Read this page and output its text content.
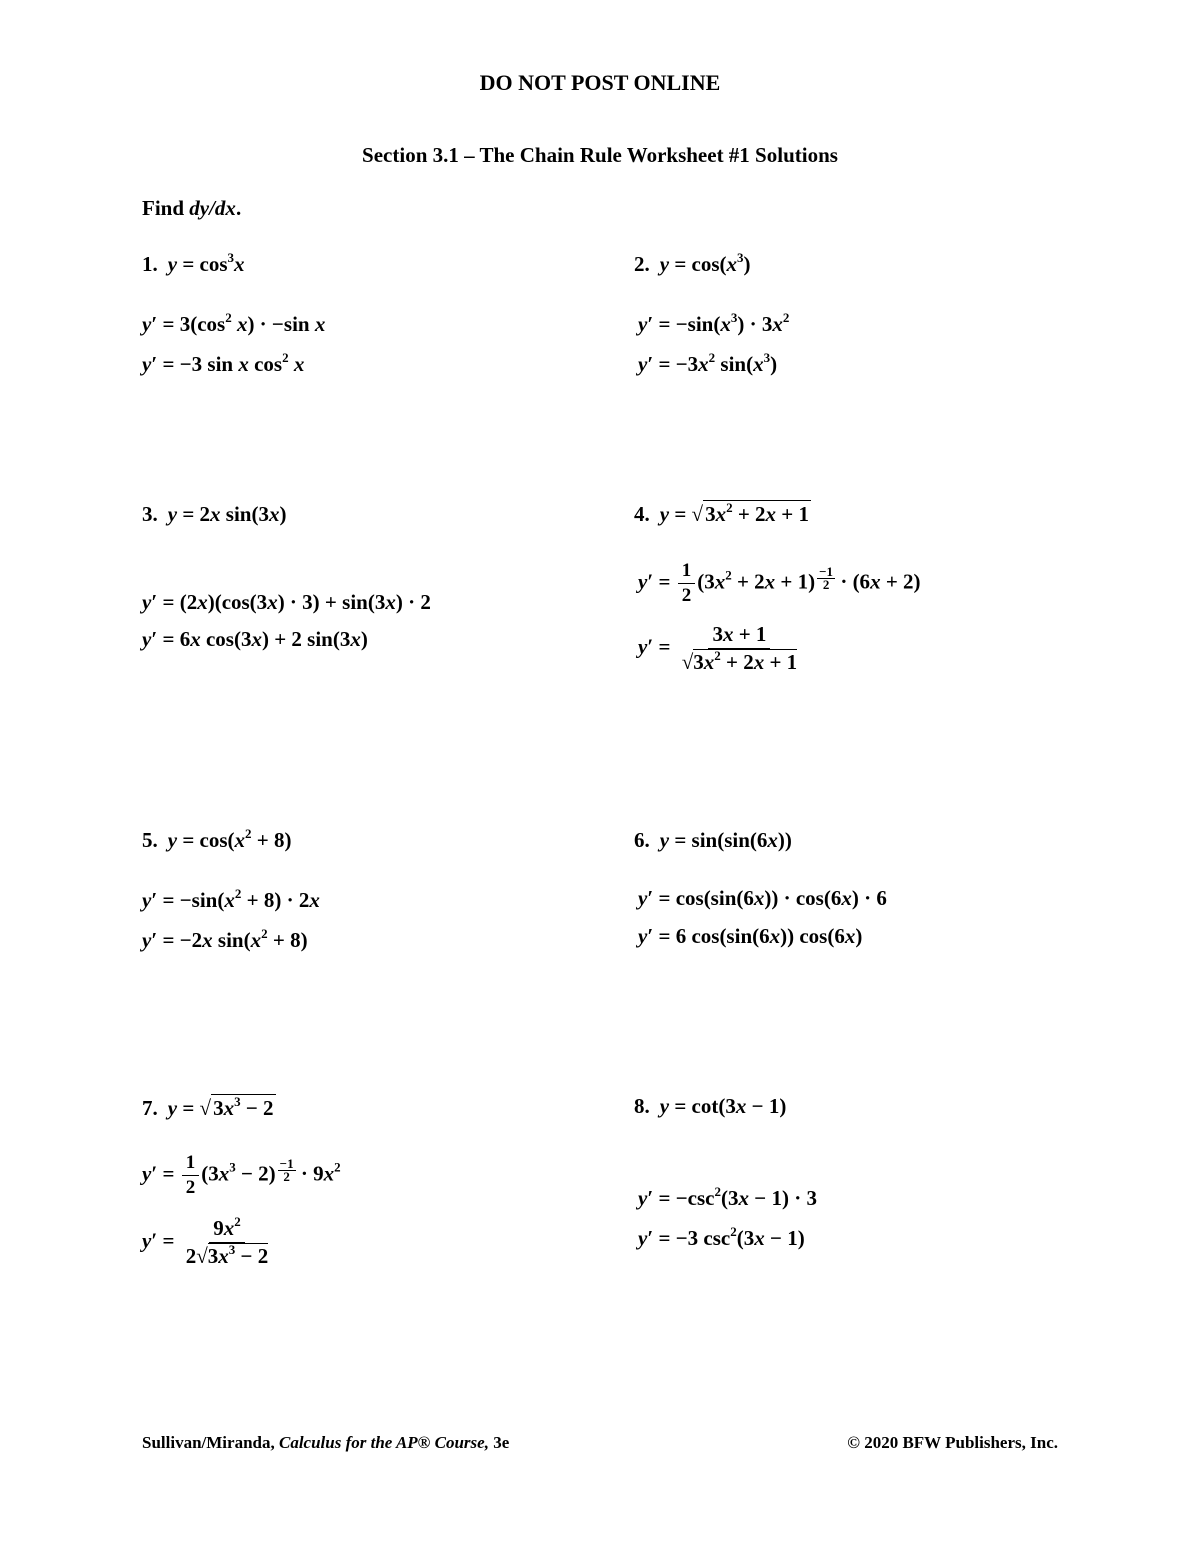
DO NOT POST ONLINE
Section 3.1 – The Chain Rule Worksheet #1 Solutions
Find dy/dx.
1. $y = \cos^3x$
$y' = 3(\cos^2$ x) · −sin x
y′ = −3 sin x $\cos^2 x$
2. $y = \cos(x^3)$
$y' = -\sin(x^3) \cdot 3x^2$
$y' = -3x^2$ $\sin(x^3)$
3. y = 2x sin(3x)
y′ = (2x)(cos(3x) · 3) + sin(3x) · 2
y′ = 6x cos(3x) + 2 sin(3x)
4. $y = √3x^2 + 2x + 1$
$y' = \frac{1}{2} (3x^2 + 2x + 1) \frac{-1}{2} \cdot (6x + 2)$
$y' = \frac{3x + 1}{√3x^2 + 2x + 1}$
5. $y = \cos(x^2 + 8)$
$y' = -\sin(x^2 + 8) \cdot 2x$
y′ = −2x $\sin(x^2 + 8)$
6. y = sin(sin(6x))
y′ = cos(sin(6x)) · cos(6x) · 6
y′ = 6 cos(sin(6x)) cos(6x)
7. $y = √3x^3 - 2$
$y' = \frac{1}{2} (3x^3 - 2) \frac{-1}{2} \cdot 9x^2$
$y' = \frac{9x^2}{2√3x^3 - 2}$
8. y = cot(3x − 1)
$y' = -\csc^2(3x - 1) \cdot 3$
y′ = −3 $\csc^2(3x - 1)$
Sullivan/Miranda, Calculus for the AP® Course, 3e	© 2020 BFW Publishers, Inc.
